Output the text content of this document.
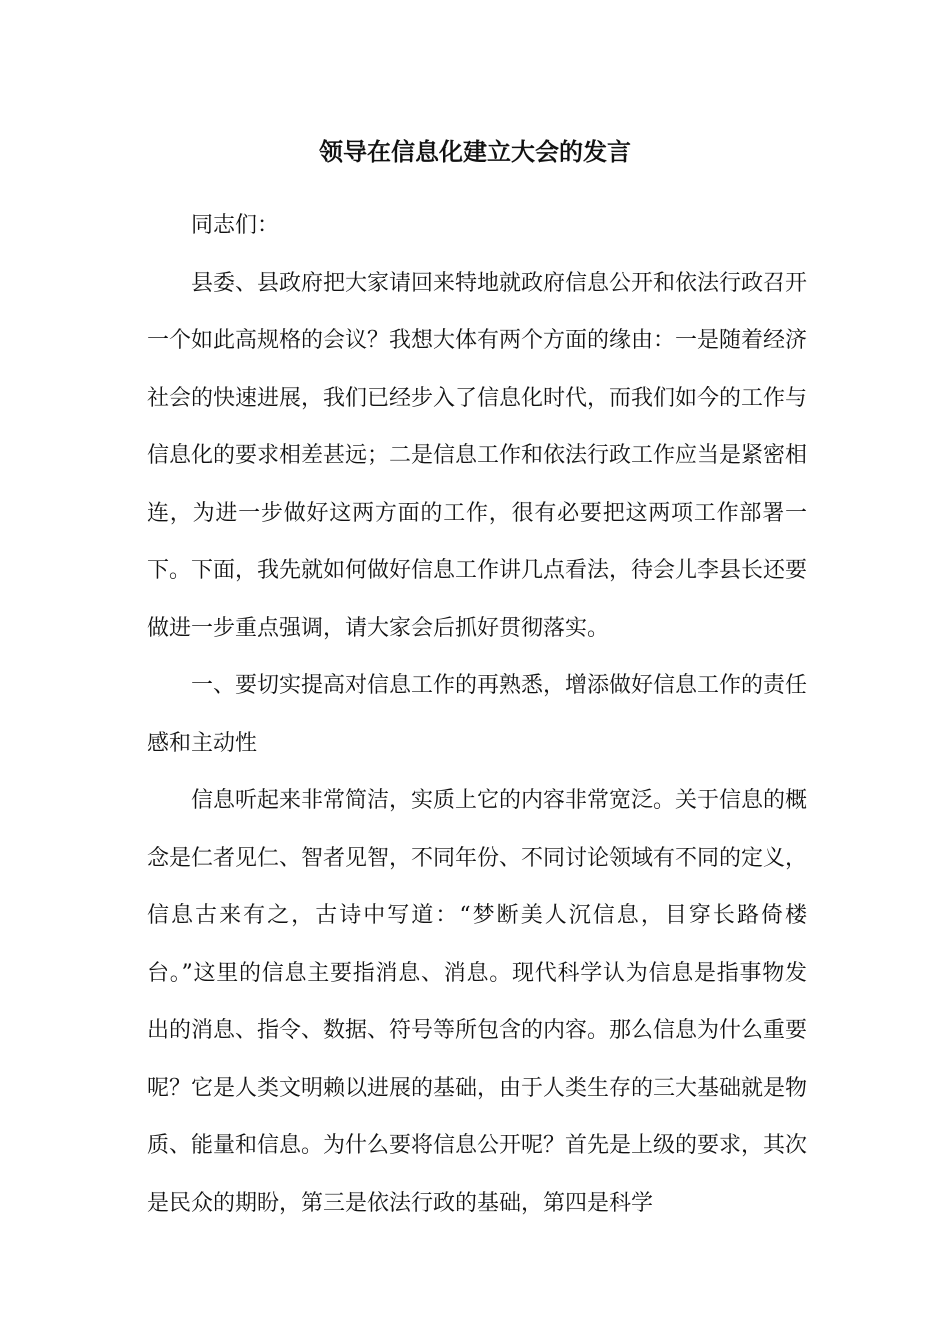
领导在信息化建立大会的发言

同志们：

县委、县政府把大家请回来特地就政府信息公开和依法行政召开一个如此高规格的会议？我想大体有两个方面的缘由：一是随着经济社会的快速进展，我们已经步入了信息化时代，而我们如今的工作与信息化的要求相差甚远；二是信息工作和依法行政工作应当是紧密相连，为进一步做好这两方面的工作，很有必要把这两项工作部署一下。下面，我先就如何做好信息工作讲几点看法，待会儿李县长还要做进一步重点强调，请大家会后抓好贯彻落实。

一、要切实提高对信息工作的再熟悉，增添做好信息工作的责任感和主动性

信息听起来非常简洁，实质上它的内容非常宽泛。关于信息的概念是仁者见仁、智者见智，不同年份、不同讨论领域有不同的定义，信息古来有之，古诗中写道：“梦断美人沉信息，目穿长路倚楼台。”这里的信息主要指消息、消息。现代科学认为信息是指事物发出的消息、指令、数据、符号等所包含的内容。那么信息为什么重要呢？它是人类文明赖以进展的基础，由于人类生存的三大基础就是物质、能量和信息。为什么要将信息公开呢？首先是上级的要求，其次是民众的期盼，第三是依法行政的基础，第四是科学
